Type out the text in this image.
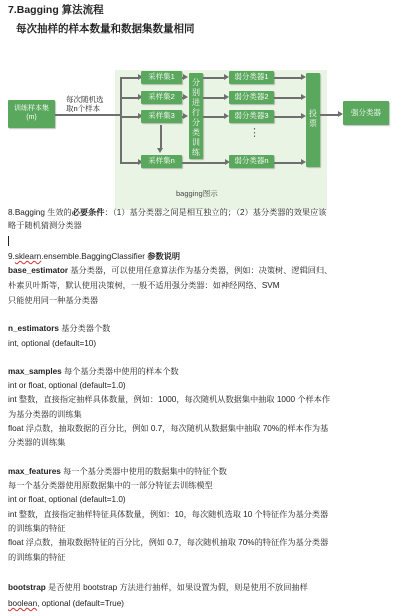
7.Bagging 算法流程
每次抽样的样本数量和数据集数量相同
训练样本集
(m)
每次随机选
取n个样本
采样集1
采样集2
采样集3
采样集n
分别进行分类训练
弱分类器1
弱分类器2
弱分类器3
弱分类器n
⋮
投票
强分类器
bagging图示
8.Bagging 生效的必要条件：（1）基分类器之间是相互独立的；（2）基分类器的效果应该
略于随机猜测分类器
9.sklearn.ensemble.BaggingClassifier 参数说明
base_estimator 基分类器，可以使用任意算法作为基分类器，例如：决策树、逻辑回归、
朴素贝叶斯等，默认使用决策树，一般不适用强分类器：如神经网络、SVM
只能使用同一种基分类器
n_estimators 基分类器个数
int, optional (default=10)
max_samples 每个基分类器中使用的样本个数
int or float, optional (default=1.0)
int 整数，直接指定抽样具体数量，例如：1000，每次随机从数据集中抽取 1000 个样本作
为基分类器的训练集
float 浮点数，抽取数据的百分比，例如 0.7，每次随机从数据集中抽取 70%的样本作为基
分类器的训练集
max_features 每一个基分类器中使用的数据集中的特征个数
每一个基分类器使用原数据集中的一部分特征去训练模型
int or float, optional (default=1.0)
int 整数，直接指定抽样特征具体数量，例如：10，每次随机选取 10 个特征作为基分类器
的训练集的特征
float 浮点数，抽取数据特征的百分比，例如 0.7，每次随机抽取 70%的特征作为基分类器
的训练集的特征
bootstrap 是否使用 bootstrap 方法进行抽样，如果设置为假，则是使用不放回抽样
boolean, optional (default=True)
